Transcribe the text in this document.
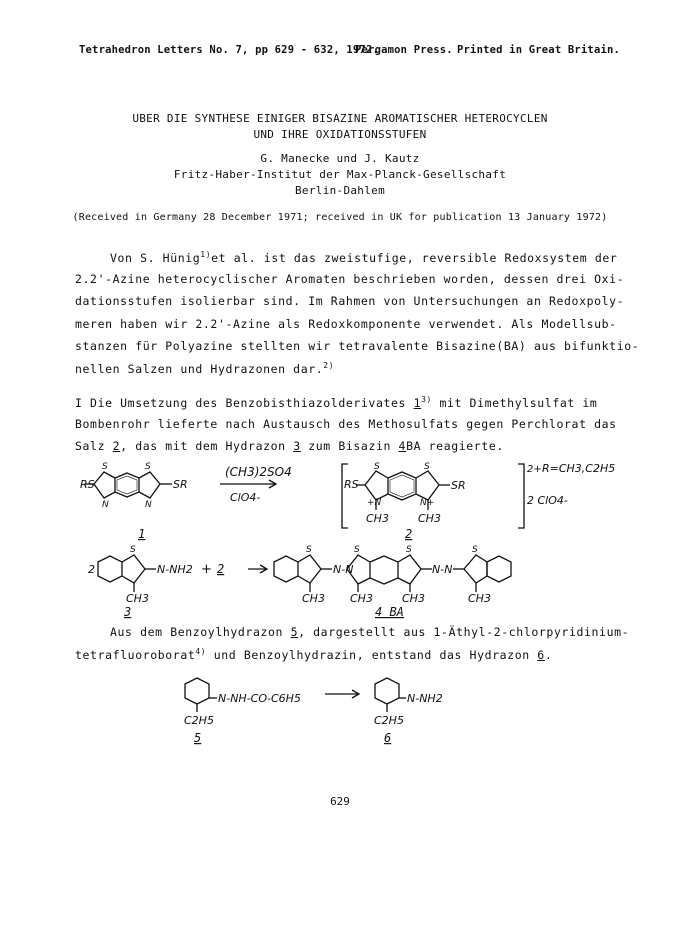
Tetrahedron Letters No. 7, pp 629 - 632, 1972.
Pergamon Press. Printed in Great Britain.
UBER DIE SYNTHESE EINIGER BISAZINE AROMATISCHER HETEROCYCLEN
UND IHRE OXIDATIONSSTUFEN
G. Manecke und J. Kautz
Fritz-Haber-Institut der Max-Planck-Gesellschaft
Berlin-Dahlem
(Received in Germany 28 December 1971; received in UK for publication 13 January 1972)
Von S. Hünig$^{1)}$et al. ist das zweistufige, reversible Redoxsystem der
2.2'-Azine heterocyclischer Aromaten beschrieben worden, dessen drei Oxi-
dationsstufen isolierbar sind. Im Rahmen von Untersuchungen an Redoxpoly-
meren haben wir 2.2'-Azine als Redoxkomponente verwendet. Als Modellsub-
stanzen für Polyazine stellten wir tetravalente Bisazine(BA) aus bifunktio-
nellen Salzen und Hydrazonen dar.$^{2)}$
I Die Umsetzung des Benzobisthiazolderivates 1$^{3)}$ mit Dimethylsulfat im
Bombenrohr lieferte nach Austausch des Methosulfats gegen Perchlorat das
Salz 2, das mit dem Hydrazon 3 zum Bisazin 4BA reagierte.
RS	SR
S	S
N	N
(CH3)2SO4
ClO4-
RS	SR
S	S
+N	N+
CH3	CH3
2+
2 ClO4-
R=CH3,C2H5
1	2
2
S
N-NH2 + 2
CH3
S
N-N
CH3
S	S
CH3	CH3
N-N
S
CH3
3	4 BA
Aus dem Benzoylhydrazon 5, dargestellt aus 1-Äthyl-2-chlorpyridinium-
tetrafluoroborat$^{4)}$ und Benzoylhydrazin, entstand das Hydrazon 6.
N-NH-CO-C6H5
C2H5
N-NH2
C2H5
5	6
629
